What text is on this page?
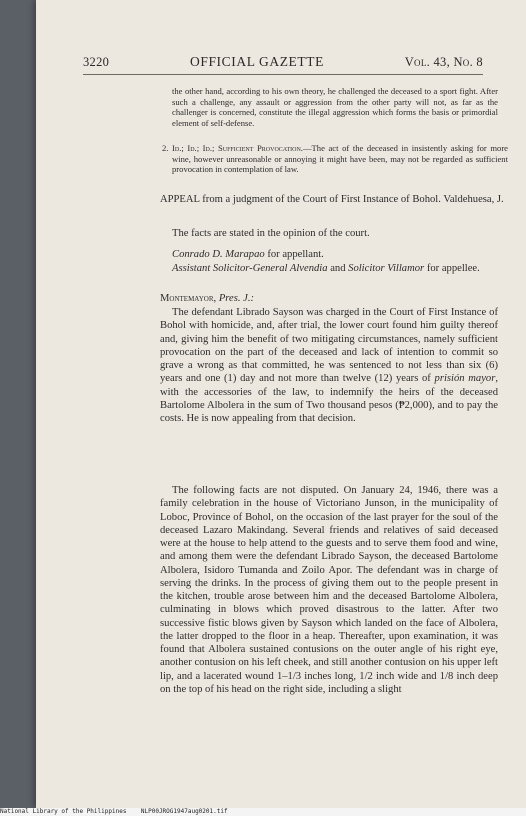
3220	OFFICIAL GAZETTE	Vol. 43, No. 8
the other hand, according to his own theory, he challenged the deceased to a sport fight. After such a challenge, any assault or aggression from the other party will not, as far as the challenger is concerned, constitute the illegal aggression which forms the basis or primordial element of self-defense.
2. Id.; Id.; Id.; Sufficient Provocation.—The act of the deceased in insistently asking for more wine, however unreasonable or annoying it might have been, may not be regarded as sufficient provocation in contemplation of law.
APPEAL from a judgment of the Court of First Instance of Bohol. Valdehuesa, J.
The facts are stated in the opinion of the court.
Conrado D. Marapao for appellant.
Assistant Solicitor-General Alvendia and Solicitor Villamor for appellee.
Montemayor, Pres. J.:
The defendant Librado Sayson was charged in the Court of First Instance of Bohol with homicide, and, after trial, the lower court found him guilty thereof and, giving him the benefit of two mitigating circumstances, namely sufficient provocation on the part of the deceased and lack of intention to commit so grave a wrong as that committed, he was sentenced to not less than six (6) years and one (1) day and not more than twelve (12) years of prisión mayor, with the accessories of the law, to indemnify the heirs of the deceased Bartolome Albolera in the sum of Two thousand pesos (₱2,000), and to pay the costs. He is now appealing from that decision.
The following facts are not disputed. On January 24, 1946, there was a family celebration in the house of Victoriano Junson, in the municipality of Loboc, Province of Bohol, on the occasion of the last prayer for the soul of the deceased Lazaro Makindang. Several friends and relatives of said deceased were at the house to help attend to the guests and to serve them food and wine, and among them were the defendant Librado Sayson, the deceased Bartolome Albolera, Isidoro Tumanda and Zoilo Apor. The defendant was in charge of serving the drinks. In the process of giving them out to the people present in the kitchen, trouble arose between him and the deceased Bartolome Albolera, culminating in blows which proved disastrous to the latter. After two successive fistic blows given by Sayson which landed on the face of Albolera, the latter dropped to the floor in a heap. Thereafter, upon examination, it was found that Albolera sustained contusions on the outer angle of his right eye, another contusion on his left cheek, and still another contusion on his upper left lip, and a lacerated wound 1–1/3 inches long, 1/2 inch wide and 1/8 inch deep on the top of his head on the right side, including a slight
National Library of the Philippines    NLP00JROG1947aug0201.tif
